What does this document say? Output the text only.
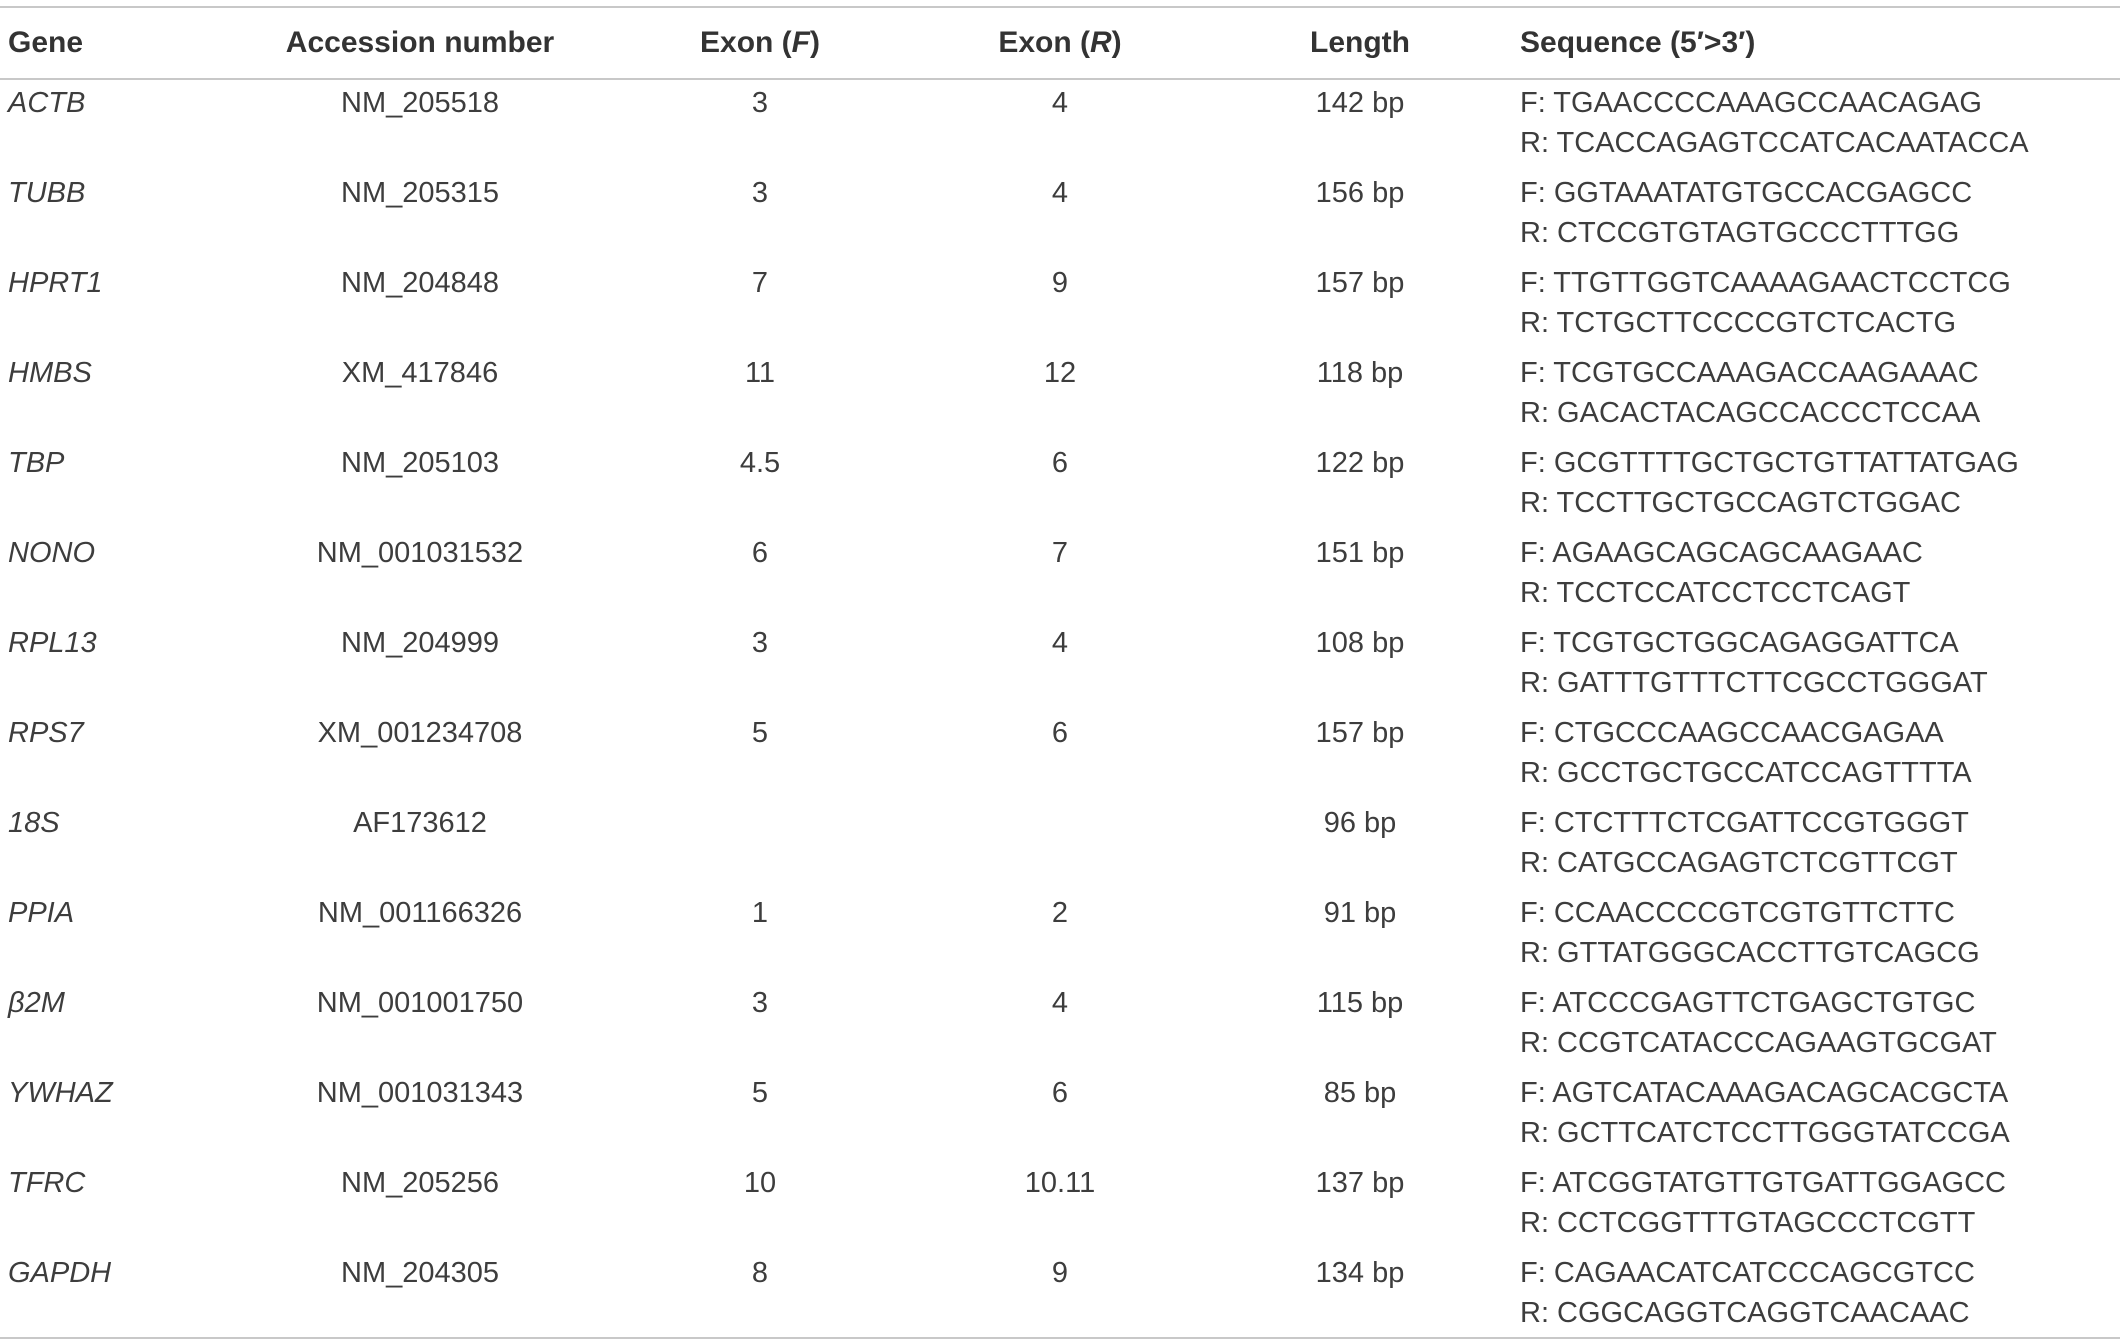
Gene	Accession number	Exon (F)	Exon (R)	Length	Sequence (5′>3′)
ACTB	NM_205518	3	4	142 bp	F: TGAACCCCAAAGCCAACAGAG
R: TCACCAGAGTCCATCACAATACCA

TUBB	NM_205315	3	4	156 bp	F: GGTAAATATGTGCCACGAGCC
R: CTCCGTGTAGTGCCCTTTGG

HPRT1	NM_204848	7	9	157 bp	F: TTGTTGGTCAAAAGAACTCCTCG
R: TCTGCTTCCCCGTCTCACTG

HMBS	XM_417846	11	12	118 bp	F: TCGTGCCAAAGACCAAGAAAC
R: GACACTACAGCCACCCTCCAA

TBP	NM_205103	4.5	6	122 bp	F: GCGTTTTGCTGCTGTTATTATGAG
R: TCCTTGCTGCCAGTCTGGAC

NONO	NM_001031532	6	7	151 bp	F: AGAAGCAGCAGCAAGAAC
R: TCCTCCATCCTCCTCAGT

RPL13	NM_204999	3	4	108 bp	F: TCGTGCTGGCAGAGGATTCA
R: GATTTGTTTCTTCGCCTGGGAT

RPS7	XM_001234708	5	6	157 bp	F: CTGCCCAAGCCAACGAGAA
R: GCCTGCTGCCATCCAGTTTTA

18S	AF173612			96 bp	F: CTCTTTCTCGATTCCGTGGGT
R: CATGCCAGAGTCTCGTTCGT

PPIA	NM_001166326	1	2	91 bp	F: CCAACCCCGTCGTGTTCTTC
R: GTTATGGGCACCTTGTCAGCG

β2M	NM_001001750	3	4	115 bp	F: ATCCCGAGTTCTGAGCTGTGC
R: CCGTCATACCCAGAAGTGCGAT

YWHAZ	NM_001031343	5	6	85 bp	F: AGTCATACAAAGACAGCACGCTA
R: GCTTCATCTCCTTGGGTATCCGA

TFRC	NM_205256	10	10.11	137 bp	F: ATCGGTATGTTGTGATTGGAGCC
R: CCTCGGTTTGTAGCCCTCGTT

GAPDH	NM_204305	8	9	134 bp	F: CAGAACATCATCCCAGCGTCC
R: CGGCAGGTCAGGTCAACAAC
